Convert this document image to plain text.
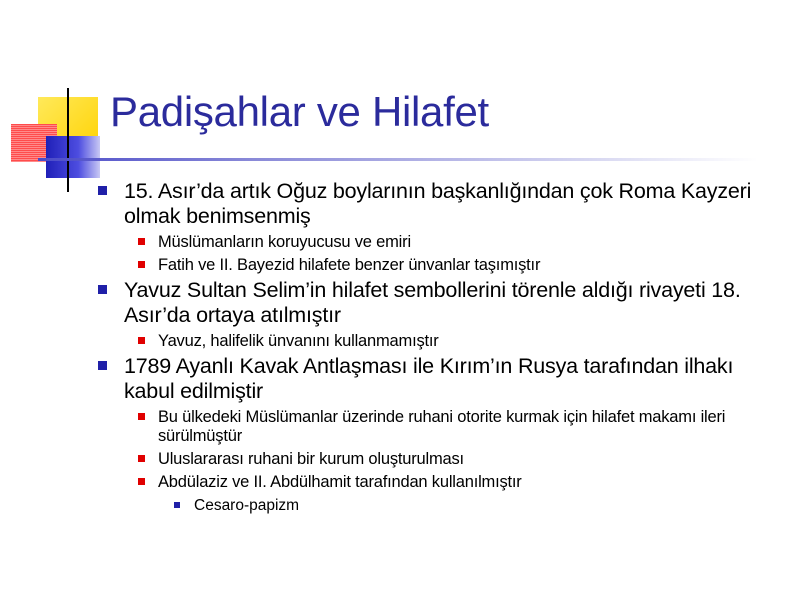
Padişahlar ve Hilafet
15. Asır’da artık Oğuz boylarının başkanlığından çok Roma Kayzeri olmak benimsenmiş
Müslümanların koruyucusu ve emiri
Fatih ve II. Bayezid hilafete benzer ünvanlar taşımıştır
Yavuz Sultan Selim’in hilafet sembollerini törenle aldığı rivayeti 18. Asır’da ortaya atılmıştır
Yavuz, halifelik ünvanını kullanmamıştır
1789 Ayanlı Kavak Antlaşması ile Kırım’ın Rusya tarafından ilhakı kabul edilmiştir
Bu ülkedeki Müslümanlar üzerinde ruhani otorite kurmak için hilafet makamı ileri sürülmüştür
Uluslararası ruhani bir kurum oluşturulması
Abdülaziz ve II. Abdülhamit tarafından kullanılmıştır
Cesaro-papizm
